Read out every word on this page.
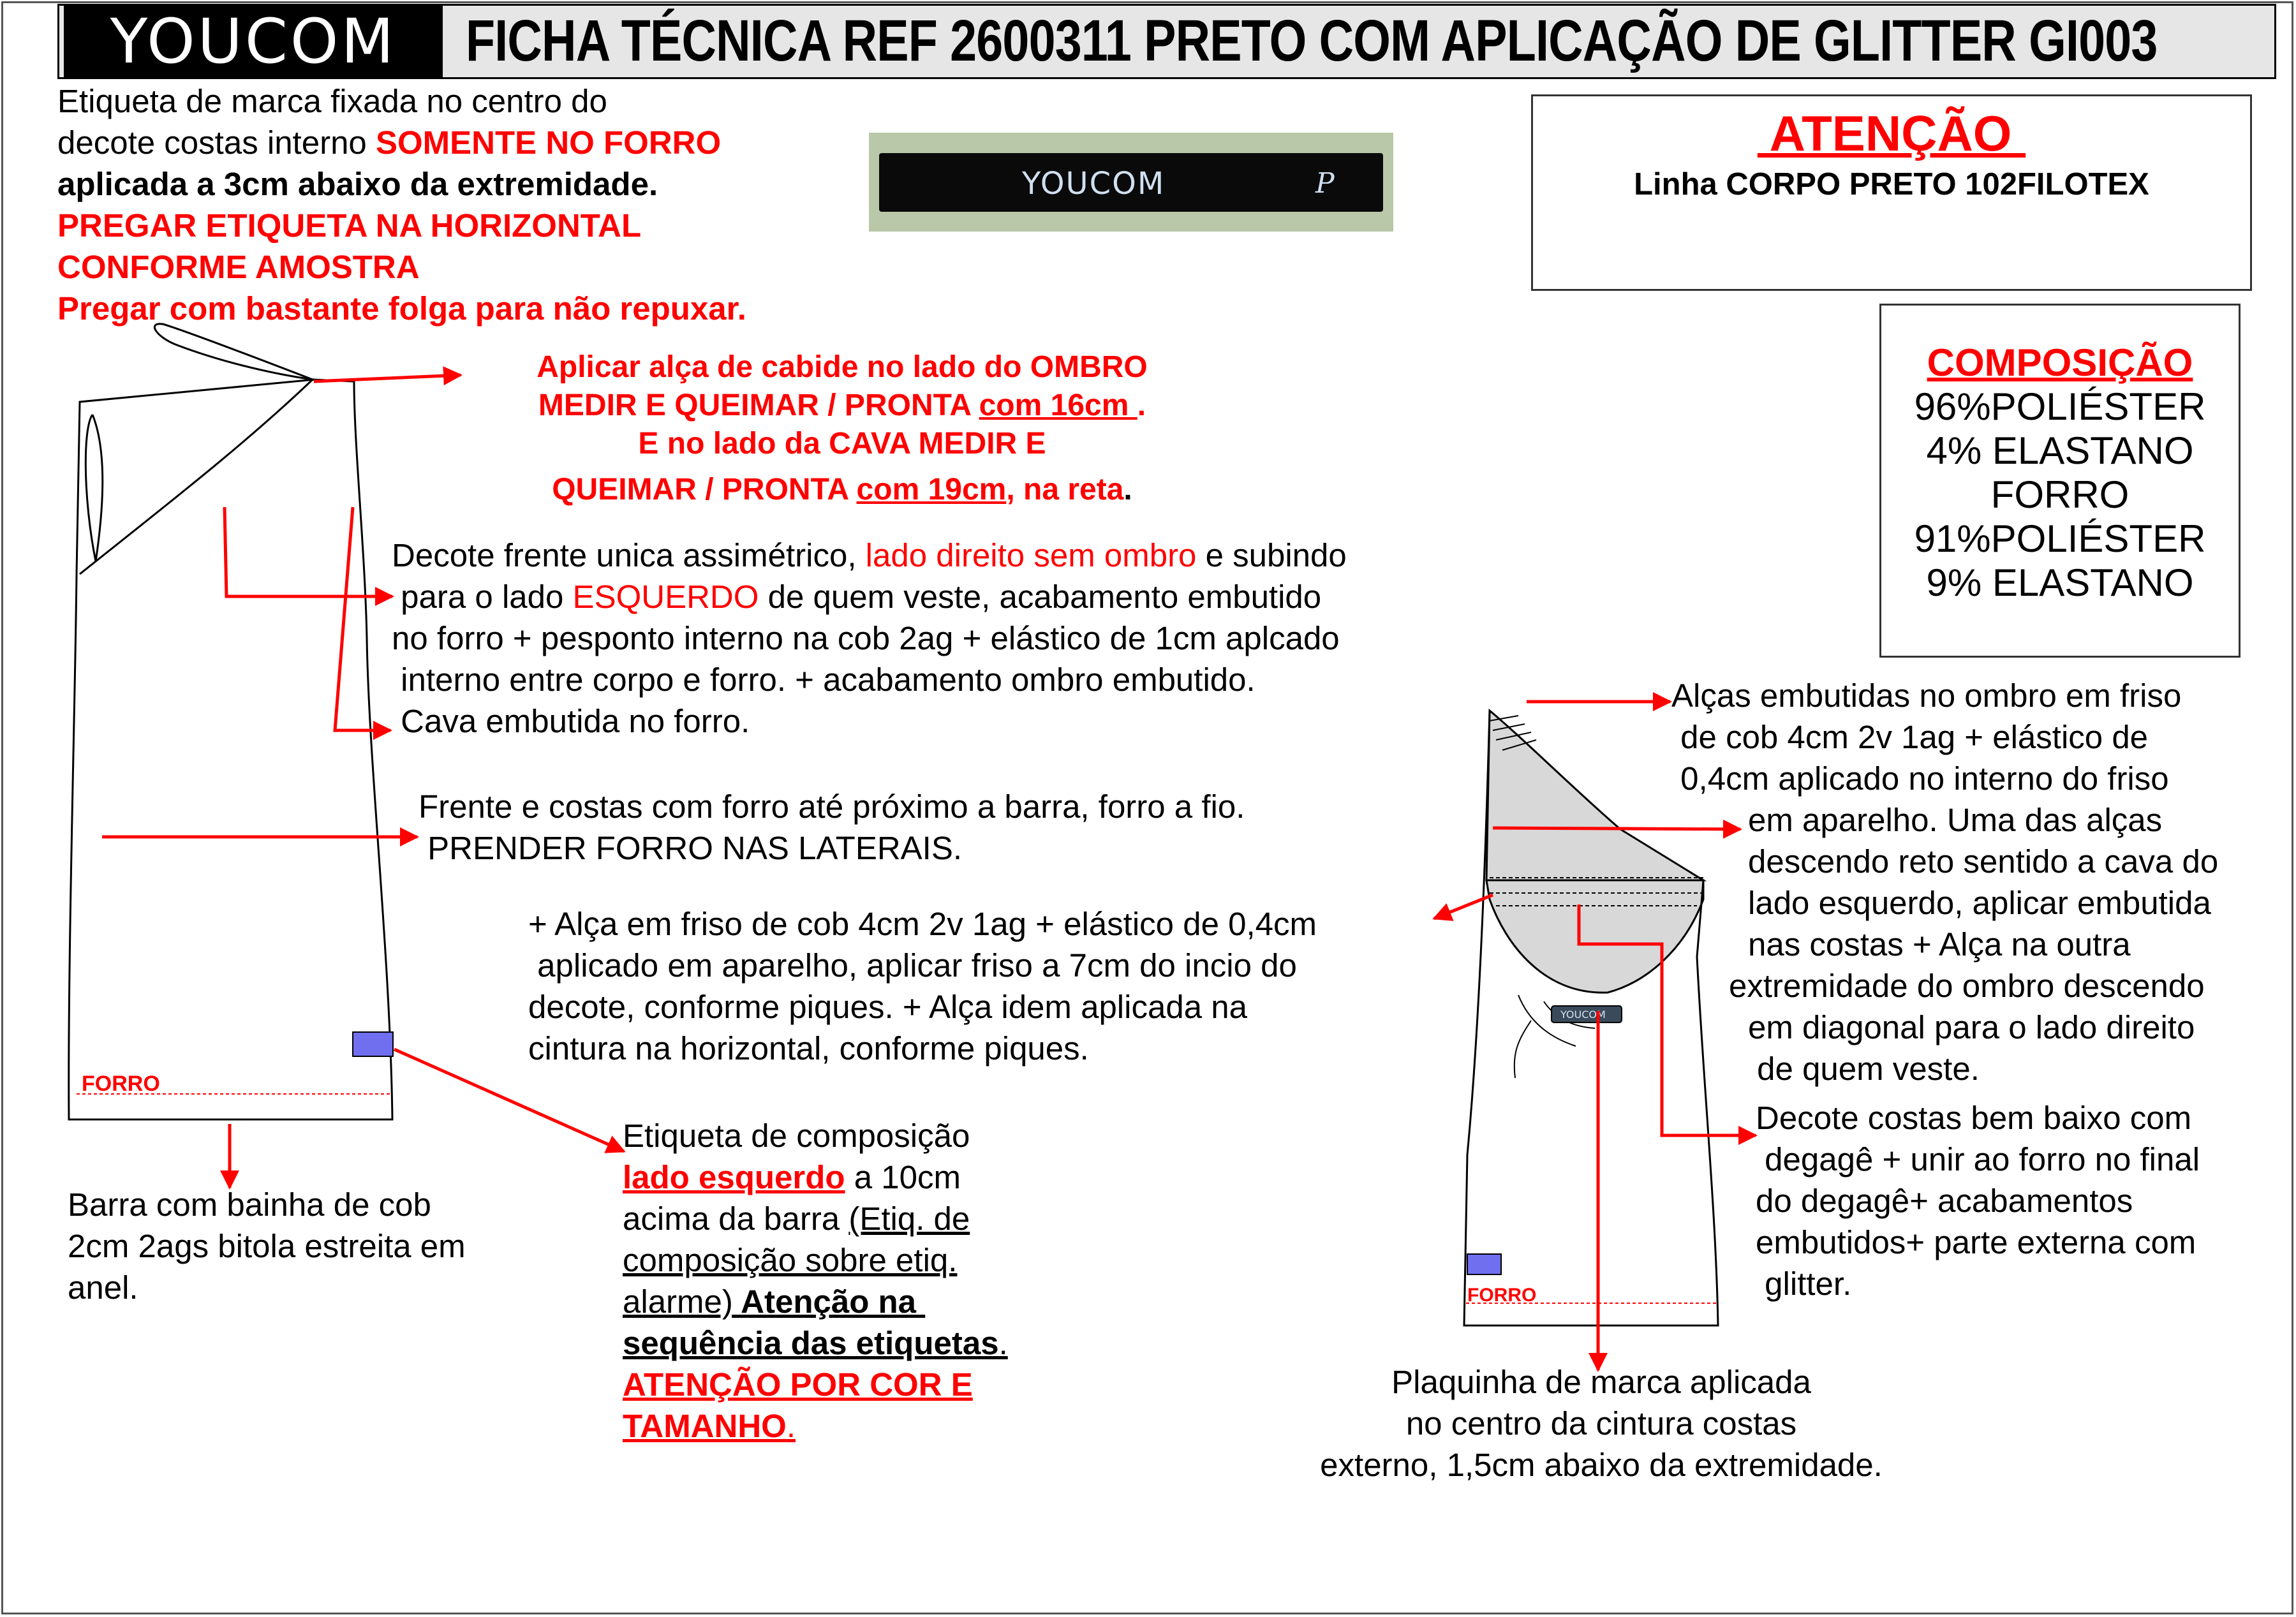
YOUCOM	FICHA TÉCNICA REF 2600311 PRETO COM APLICAÇÃO DE GLITTER GI003
Etiqueta de marca fixada no centro do
decote costas interno SOMENTE NO FORRO
aplicada a 3cm abaixo da extremidade.
PREGAR ETIQUETA NA HORIZONTAL
CONFORME AMOSTRA
Pregar com bastante folga para não repuxar.
YOUCOM	P
ATENÇÃO
Linha CORPO PRETO 102FILOTEX
COMPOSIÇÃO
96%POLIÉSTER
4% ELASTANO
FORRO
91%POLIÉSTER
9% ELASTANO
Aplicar alça de cabide no lado do OMBRO
MEDIR E QUEIMAR / PRONTA com 16cm .
E no lado da CAVA MEDIR E
QUEIMAR / PRONTA com 19cm, na reta.
Decote frente unica assimétrico, lado direito sem ombro e subindo
para o lado ESQUERDO de quem veste, acabamento embutido
no forro + pesponto interno na cob 2ag + elástico de 1cm aplcado
interno entre corpo e forro. + acabamento ombro embutido.
Cava embutida no forro.
Frente e costas com forro até próximo a barra, forro a fio.
PRENDER FORRO NAS LATERAIS.
+ Alça em friso de cob 4cm 2v 1ag + elástico de 0,4cm
aplicado em aparelho, aplicar friso a 7cm do incio do
decote, conforme piques. + Alça idem aplicada na
cintura na horizontal, conforme piques.
Barra com bainha de cob
2cm 2ags bitola estreita em
anel.
Etiqueta de composição
lado esquerdo a 10cm
acima da barra (Etiq. de
composição sobre etiq.
alarme) Atenção na
sequência das etiquetas.
ATENÇÃO POR COR E
TAMANHO.
Alças embutidas no ombro em friso
de cob 4cm 2v 1ag + elástico de
0,4cm aplicado no interno do friso
em aparelho. Uma das alças
descendo reto sentido a cava do
lado esquerdo, aplicar embutida
nas costas + Alça na outra
extremidade do ombro descendo
em diagonal para o lado direito
de quem veste.
Decote costas bem baixo com
degagê + unir ao forro no final
do degagê+ acabamentos
embutidos+ parte externa com
glitter.
Plaquinha de marca aplicada
no centro da cintura costas
externo, 1,5cm abaixo da extremidade.
FORRO
YOUCOM
FORRO
